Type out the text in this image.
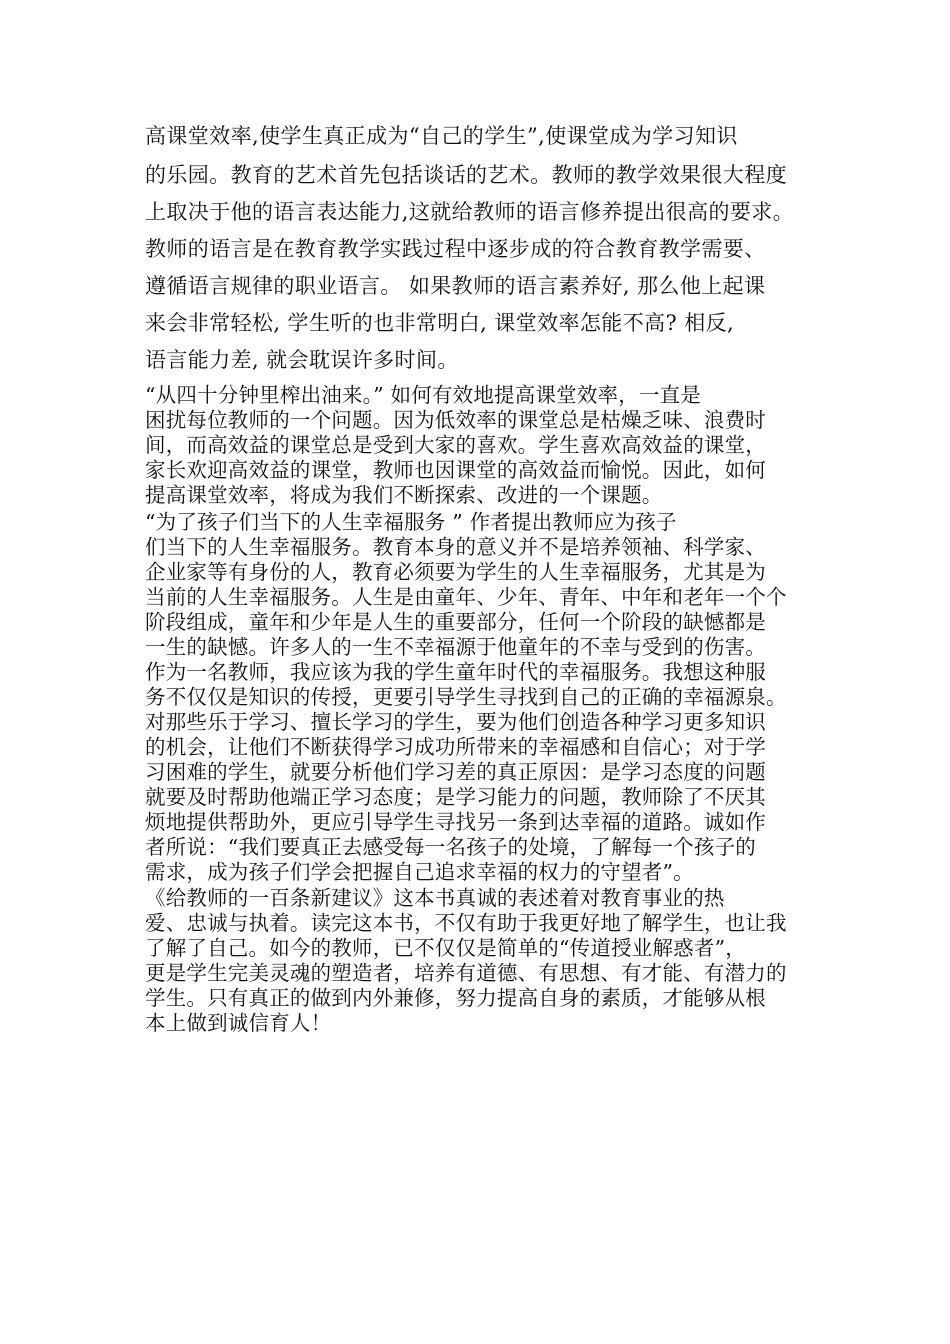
高课堂效率,使学生真正成为“自己的学生”,使课堂成为学习知识
的乐园。教育的艺术首先包括谈话的艺术。教师的教学效果很大程度
上取决于他的语言表达能力,这就给教师的语言修养提出很高的要求。
教师的语言是在教育教学实践过程中逐步成的符合教育教学需要、
遵循语言规律的职业语言。 如果教师的语言素养好, 那么他上起课
来会非常轻松, 学生听的也非常明白, 课堂效率怎能不高? 相反,
语言能力差, 就会耽误许多时间。
“从四十分钟里榨出油来。” 如何有效地提高课堂效率，一直是
困扰每位教师的一个问题。因为低效率的课堂总是枯燥乏味、浪费时
间，而高效益的课堂总是受到大家的喜欢。学生喜欢高效益的课堂，
家长欢迎高效益的课堂，教师也因课堂的高效益而愉悦。因此，如何
提高课堂效率，将成为我们不断探索、改进的一个课题。
“为了孩子们当下的人生幸福服务 ” 作者提出教师应为孩子
们当下的人生幸福服务。教育本身的意义并不是培养领袖、科学家、
企业家等有身份的人，教育必须要为学生的人生幸福服务，尤其是为
当前的人生幸福服务。人生是由童年、少年、青年、中年和老年一个个
阶段组成，童年和少年是人生的重要部分，任何一个阶段的缺憾都是
一生的缺憾。许多人的一生不幸福源于他童年的不幸与受到的伤害。
作为一名教师，我应该为我的学生童年时代的幸福服务。我想这种服
务不仅仅是知识的传授，更要引导学生寻找到自己的正确的幸福源泉。
对那些乐于学习、擅长学习的学生，要为他们创造各种学习更多知识
的机会，让他们不断获得学习成功所带来的幸福感和自信心；对于学
习困难的学生，就要分析他们学习差的真正原因：是学习态度的问题
就要及时帮助他端正学习态度；是学习能力的问题，教师除了不厌其
烦地提供帮助外，更应引导学生寻找另一条到达幸福的道路。诚如作
者所说：“我们要真正去感受每一名孩子的处境，了解每一个孩子的
需求，成为孩子们学会把握自己追求幸福的权力的守望者”。
《给教师的一百条新建议》这本书真诚的表述着对教育事业的热
爱、忠诚与执着。读完这本书，不仅有助于我更好地了解学生，也让我
了解了自己。如今的教师，已不仅仅是简单的“传道授业解惑者”，
更是学生完美灵魂的塑造者，培养有道德、有思想、有才能、有潜力的
学生。只有真正的做到内外兼修，努力提高自身的素质，才能够从根
本上做到诚信育人！
